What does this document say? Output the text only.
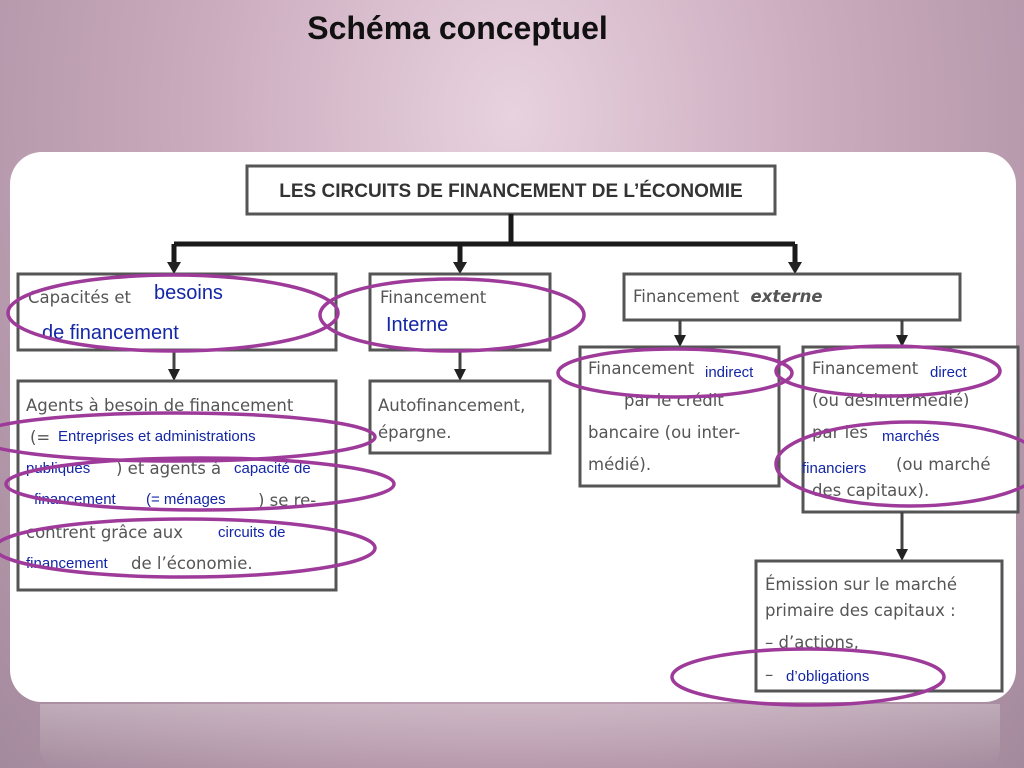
Schéma conceptuel
LES CIRCUITS DE FINANCEMENT DE L’ÉCONOMIE
Capacités et	Financement	Financement externe
Agents à besoin de financement
(=
) et agents à
) se re-
contrent grâce aux
de l’économie.
Autofinancement,
épargne.
Financement
par le crédit
bancaire (ou inter-
médié).
Financement
(ou désintermédié)
par les
(ou marché
des capitaux).
Émission sur le marché
primaire des capitaux :
– d’actions,
–
besoins
de financement	Interne
indirect	direct
Entreprises et administrations
publiques	capacité de
financement (= ménages
circuits de
financement
marchés
financiers
d’obligations
